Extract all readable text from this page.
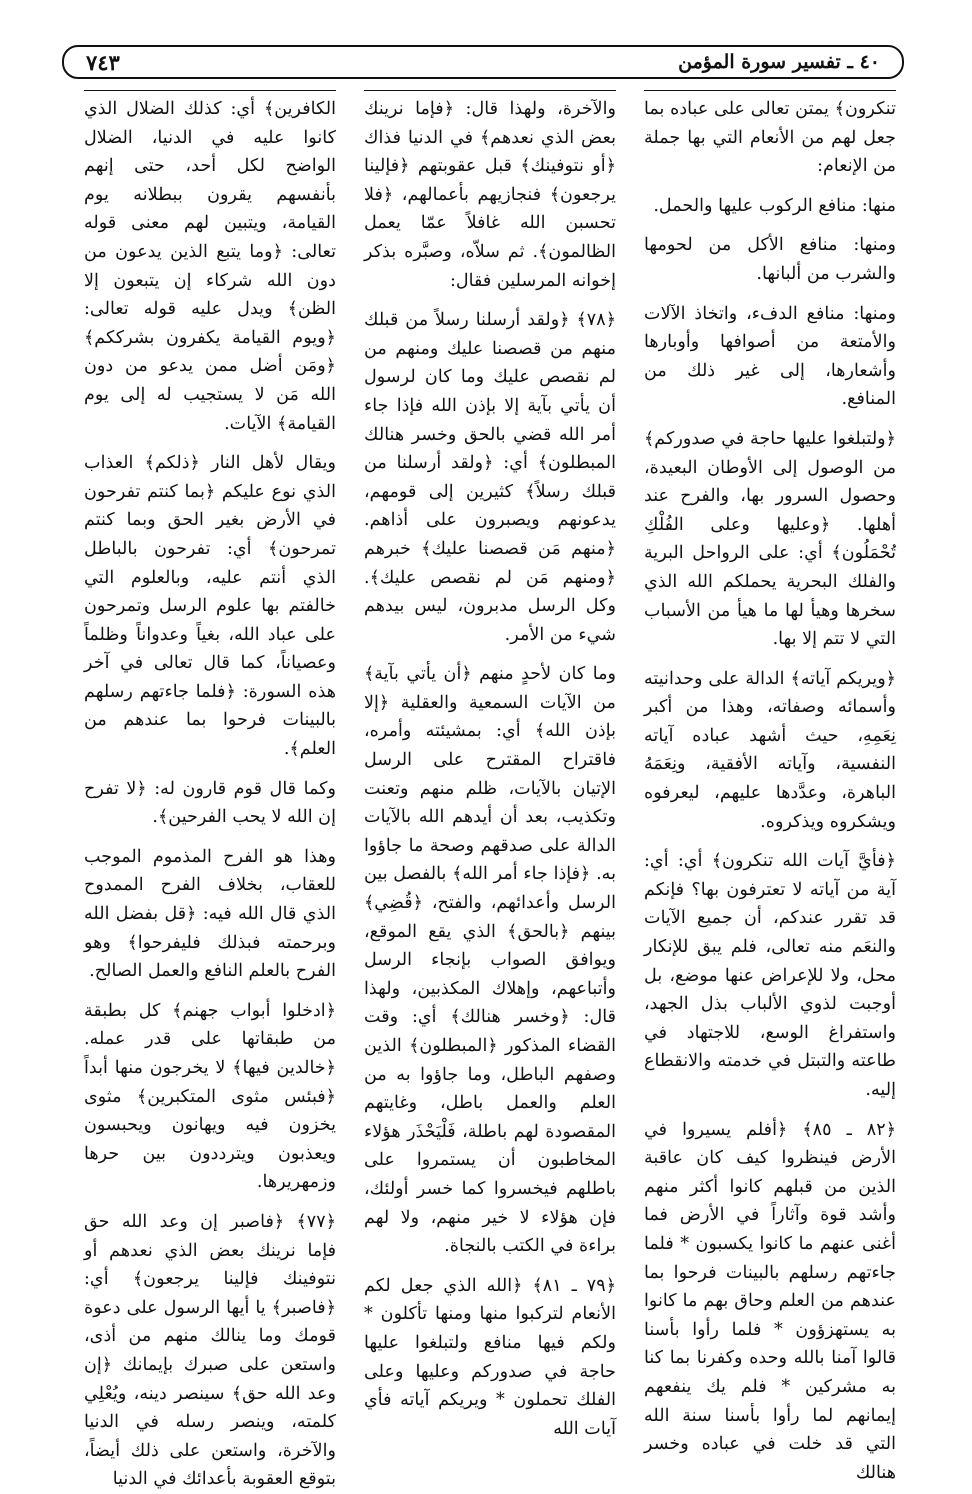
٤٠ ـ تفسير سورة المؤمن
٧٤٣

الكافرين﴾ أي: كذلك الضلال الذي كانوا عليه في الدنيا، الضلال الواضح لكل أحد، حتى إنهم بأنفسهم يقرون ببطلانه يوم القيامة، ويتبين لهم معنى قوله تعالى: ﴿وما يتبع الذين يدعون من دون الله شركاء إن يتبعون إلا الظن﴾ ويدل عليه قوله تعالى: ﴿ويوم القيامة يكفرون بشرككم﴾ ﴿ومَن أضل ممن يدعو من دون الله مَن لا يستجيب له إلى يوم القيامة﴾ الآيات.

ويقال لأهل النار ﴿ذلكم﴾ العذاب الذي نوع عليكم ﴿بما كنتم تفرحون في الأرض بغير الحق وبما كنتم تمرحون﴾ أي: تفرحون بالباطل الذي أنتم عليه، وبالعلوم التي خالفتم بها علوم الرسل وتمرحون على عباد الله، بغياً وعدواناً وظلماً وعصياناً، كما قال تعالى في آخر هذه السورة: ﴿فلما جاءتهم رسلهم بالبينات فرحوا بما عندهم من العلم﴾.

وكما قال قوم قارون له: ﴿لا تفرح إن الله لا يحب الفرحين﴾.

وهذا هو الفرح المذموم الموجب للعقاب، بخلاف الفرح الممدوح الذي قال الله فيه: ﴿قل بفضل الله وبرحمته فبذلك فليفرحوا﴾ وهو الفرح بالعلم النافع والعمل الصالح.

﴿ادخلوا أبواب جهنم﴾ كل بطبقة من طبقاتها على قدر عمله. ﴿خالدين فيها﴾ لا يخرجون منها أبداً ﴿فبئس مثوى المتكبرين﴾ مثوى يخزون فيه ويهانون ويحبسون ويعذبون ويترددون بين حرها وزمهريرها.

﴿٧٧﴾ ﴿فاصبر إن وعد الله حق فإما نرينك بعض الذي نعدهم أو نتوفينك فإلينا يرجعون﴾ أي: ﴿فاصبر﴾ يا أيها الرسول على دعوة قومك وما ينالك منهم من أذى، واستعن على صبرك بإيمانك ﴿إن وعد الله حق﴾ سينصر دينه، ويُعْلِي كلمته، وينصر رسله في الدنيا والآخرة، واستعن على ذلك أيضاً، بتوقع العقوبة بأعدائك في الدنيا

والآخرة، ولهذا قال: ﴿فإما نرينك بعض الذي نعدهم﴾ في الدنيا فذاك ﴿أو نتوفينك﴾ قبل عقوبتهم ﴿فإلينا يرجعون﴾ فنجازيهم بأعمالهم، ﴿فلا تحسبن الله غافلاً عمّا يعمل الظالمون﴾. ثم سلاّه، وصبَّره بذكر إخوانه المرسلين فقال:

﴿٧٨﴾ ﴿ولقد أرسلنا رسلاً من قبلك منهم من قصصنا عليك ومنهم من لم نقصص عليك وما كان لرسول أن يأتي بآية إلا بإذن الله فإذا جاء أمر الله قضي بالحق وخسر هنالك المبطلون﴾ أي: ﴿ولقد أرسلنا من قبلك رسلاً﴾ كثيرين إلى قومهم، يدعونهم ويصبرون على أذاهم. ﴿منهم مَن قصصنا عليك﴾ خبرهم ﴿ومنهم مَن لم نقصص عليك﴾. وكل الرسل مدبرون، ليس بيدهم شيء من الأمر.

وما كان لأحدٍ منهم ﴿أن يأتي بآية﴾ من الآيات السمعية والعقلية ﴿إلا بإذن الله﴾ أي: بمشيئته وأمره، فاقتراح المقترح على الرسل الإتيان بالآيات، ظلم منهم وتعنت وتكذيب، بعد أن أيدهم الله بالآيات الدالة على صدقهم وصحة ما جاؤوا به. ﴿فإذا جاء أمر الله﴾ بالفصل بين الرسل وأعدائهم، والفتح، ﴿قُضِي﴾ بينهم ﴿بالحق﴾ الذي يقع الموقع، ويوافق الصواب بإنجاء الرسل وأتباعهم، وإهلاك المكذبين، ولهذا قال: ﴿وخسر هنالك﴾ أي: وقت القضاء المذكور ﴿المبطلون﴾ الذين وصفهم الباطل، وما جاؤوا به من العلم والعمل باطل، وغايتهم المقصودة لهم باطلة، فَلْيَحْذَر هؤلاء المخاطبون أن يستمروا على باطلهم فيخسروا كما خسر أولئك، فإن هؤلاء لا خير منهم، ولا لهم براءة في الكتب بالنجاة.

﴿٧٩ ـ ٨١﴾ ﴿الله الذي جعل لكم الأنعام لتركبوا منها ومنها تأكلون * ولكم فيها منافع ولتبلغوا عليها حاجة في صدوركم وعليها وعلى الفلك تحملون * ويريكم آياته فأي آيات الله

تنكرون﴾ يمتن تعالى على عباده بما جعل لهم من الأنعام التي بها جملة من الإنعام:

منها: منافع الركوب عليها والحمل.

ومنها: منافع الأكل من لحومها والشرب من ألبانها.

ومنها: منافع الدفء، واتخاذ الآلات والأمتعة من أصوافها وأوبارها وأشعارها، إلى غير ذلك من المنافع.

﴿ولتبلغوا عليها حاجة في صدوركم﴾ من الوصول إلى الأوطان البعيدة، وحصول السرور بها، والفرح عند أهلها. ﴿وعليها وعلى الفُلْكِ تُحْمَلُون﴾ أي: على الرواحل البرية والفلك البحرية يحملكم الله الذي سخرها وهيأ لها ما هيأ من الأسباب التي لا تتم إلا بها.

﴿ويريكم آياته﴾ الدالة على وحدانيته وأسمائه وصفاته، وهذا من أكبر نِعَمِهِ، حيث أشهد عباده آياته النفسية، وآياته الأفقية، ونِعَمَهُ الباهرة، وعدَّدها عليهم، ليعرفوه ويشكروه ويذكروه.

﴿فأيَّ آيات الله تنكرون﴾ أي: أي: آية من آياته لا تعترفون بها؟ فإنكم قد تقرر عندكم، أن جميع الآيات والنعَم منه تعالى، فلم يبق للإنكار محل، ولا للإعراض عنها موضع، بل أوجبت لذوي الألباب بذل الجهد، واستفراغ الوسع، للاجتهاد في طاعته والتبتل في خدمته والانقطاع إليه.

﴿٨٢ ـ ٨٥﴾ ﴿أفلم يسيروا في الأرض فينظروا كيف كان عاقبة الذين من قبلهم كانوا أكثر منهم وأشد قوة وآثاراً في الأرض فما أغنى عنهم ما كانوا يكسبون * فلما جاءتهم رسلهم بالبينات فرحوا بما عندهم من العلم وحاق بهم ما كانوا به يستهزؤون * فلما رأوا بأسنا قالوا آمنا بالله وحده وكفرنا بما كنا به مشركين * فلم يك ينفعهم إيمانهم لما رأوا بأسنا سنة الله التي قد خلت في عباده وخسر هنالك
